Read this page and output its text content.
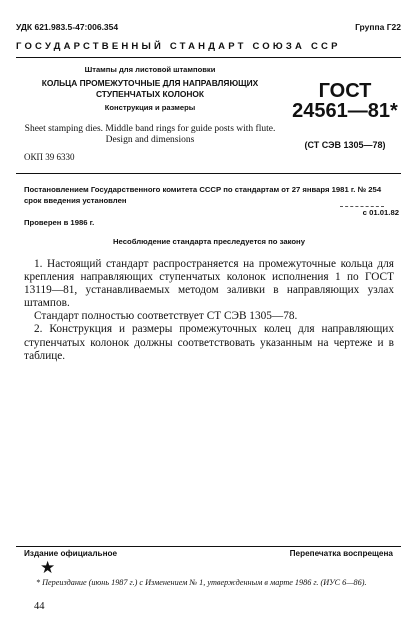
УДК 621.983.5-47:006.354	Группа Г22
ГОСУДАРСТВЕННЫЙ СТАНДАРТ СОЮЗА ССР
Штампы для листовой штамповки
КОЛЬЦА ПРОМЕЖУТОЧНЫЕ ДЛЯ НАПРАВЛЯЮЩИХ СТУПЕНЧАТЫХ КОЛОНОК
Конструкция и размеры
ГОСТ
24561—81*
(СТ СЭВ 1305—78)
Sheet stamping dies. Middle band rings for guide posts with flute. Design and dimensions
ОКП 39 6330
Постановлением Государственного комитета СССР по стандартам от 27 января 1981 г. № 254 срок введения установлен
с 01.01.82
Проверен в 1986 г.
Несоблюдение стандарта преследуется по закону

1. Настоящий стандарт распространяется на промежуточные кольца для крепления направляющих ступенчатых колонок исполнения 1 по ГОСТ 13119—81, устанавливаемых методом заливки в направляющих узлах штампов.

Стандарт полностью соответствует СТ СЭВ 1305—78.

2. Конструкция и размеры промежуточных колец для направляющих ступенчатых колонок должны соответствовать указанным на чертеже и в таблице.

Издание официальное	Перепечатка воспрещена
★
* Переиздание (июнь 1987 г.) с Изменением № 1, утвержденным в марте 1986 г. (ИУС 6—86).
44
